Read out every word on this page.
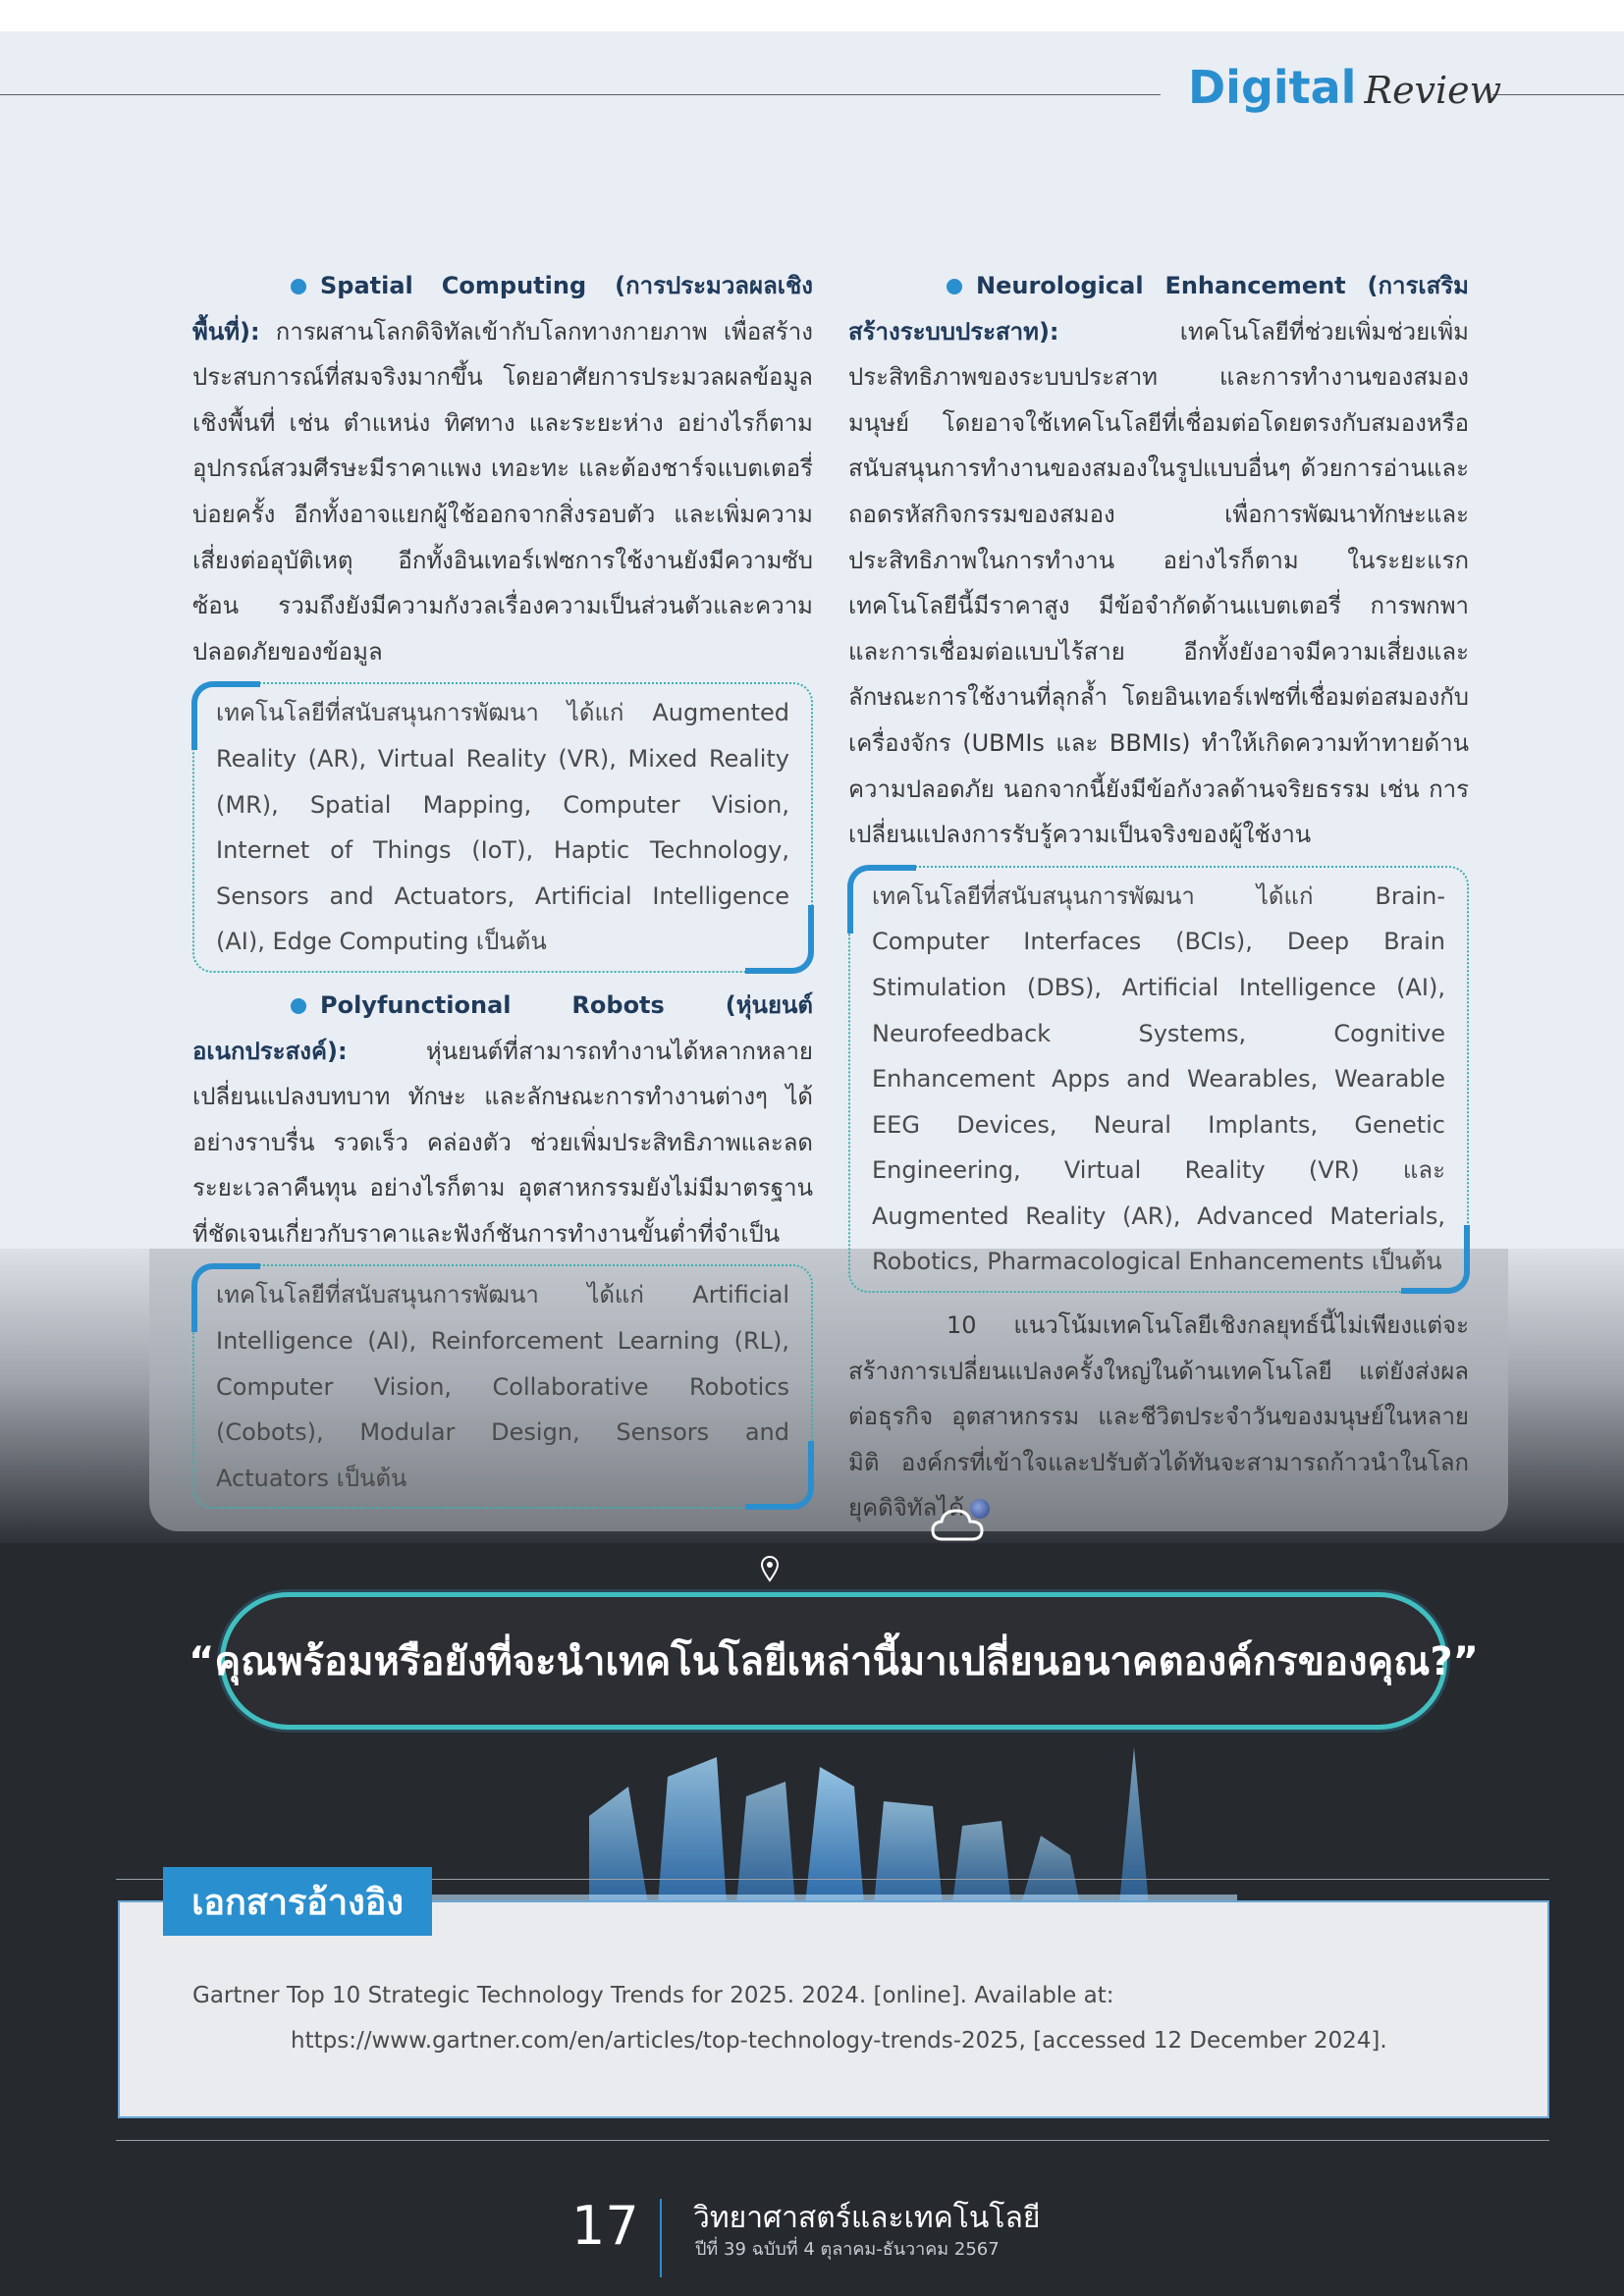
Digital Review

Spatial Computing (การประมวลผลเชิงพื้นที่): การผสานโลกดิจิทัลเข้ากับโลกทางกายภาพ เพื่อสร้างประสบการณ์ที่สมจริงมากขึ้น โดยอาศัยการประมวลผลข้อมูลเชิงพื้นที่ เช่น ตำแหน่ง ทิศทาง และระยะห่าง อย่างไรก็ตาม อุปกรณ์สวมศีรษะมีราคาแพง เทอะทะ และต้องชาร์จแบตเตอรี่บ่อยครั้ง อีกทั้งอาจแยกผู้ใช้ออกจากสิ่งรอบตัว และเพิ่มความเสี่ยงต่ออุบัติเหตุ อีกทั้งอินเทอร์เฟซการใช้งานยังมีความซับซ้อน รวมถึงยังมีความกังวลเรื่องความเป็นส่วนตัวและความปลอดภัยของข้อมูล

เทคโนโลยีที่สนับสนุนการพัฒนา ได้แก่ Augmented Reality (AR), Virtual Reality (VR), Mixed Reality (MR), Spatial Mapping, Computer Vision, Internet of Things (IoT), Haptic Technology, Sensors and Actuators, Artificial Intelligence (AI), Edge Computing เป็นต้น

Polyfunctional Robots (หุ่นยนต์อเนกประสงค์):	หุ่นยนต์ที่สามารถทำงานได้หลากหลาย เปลี่ยนแปลงบทบาท ทักษะ และลักษณะการทำงานต่างๆ ได้อย่างราบรื่น รวดเร็ว คล่องตัว ช่วยเพิ่มประสิทธิภาพและลดระยะเวลาคืนทุน อย่างไรก็ตาม อุตสาหกรรมยังไม่มีมาตรฐานที่ชัดเจนเกี่ยวกับราคาและฟังก์ชันการทำงานขั้นต่ำที่จำเป็น

เทคโนโลยีที่สนับสนุนการพัฒนา ได้แก่ Artificial Intelligence (AI), Reinforcement Learning (RL), Computer Vision, Collaborative Robotics (Cobots), Modular Design, Sensors and Actuators เป็นต้น

Neurological Enhancement (การเสริมสร้างระบบประสาท):	เทคโนโลยีที่ช่วยเพิ่มช่วยเพิ่มประสิทธิภาพของระบบประสาท และการทำงานของสมองมนุษย์ โดยอาจใช้เทคโนโลยีที่เชื่อมต่อโดยตรงกับสมองหรือสนับสนุนการทำงานของสมองในรูปแบบอื่นๆ ด้วยการอ่านและถอดรหัสกิจกรรมของสมอง เพื่อการพัฒนาทักษะและประสิทธิภาพในการทำงาน อย่างไรก็ตาม ในระยะแรก เทคโนโลยีนี้มีราคาสูง มีข้อจำกัดด้านแบตเตอรี่ การพกพา และการเชื่อมต่อแบบไร้สาย อีกทั้งยังอาจมีความเสี่ยงและลักษณะการใช้งานที่ลุกล้ำ โดยอินเทอร์เฟซที่เชื่อมต่อสมองกับเครื่องจักร (UBMIs และ BBMIs) ทำให้เกิดความท้าทายด้านความปลอดภัย นอกจากนี้ยังมีข้อกังวลด้านจริยธรรม เช่น การเปลี่ยนแปลงการรับรู้ความเป็นจริงของผู้ใช้งาน

เทคโนโลยีที่สนับสนุนการพัฒนา ได้แก่ Brain-Computer Interfaces (BCIs), Deep Brain Stimulation (DBS), Artificial Intelligence (AI), Neurofeedback Systems, Cognitive Enhancement Apps and Wearables, Wearable EEG Devices, Neural Implants, Genetic Engineering, Virtual Reality (VR) และ Augmented Reality (AR), Advanced Materials, Robotics, Pharmacological Enhancements เป็นต้น

10 แนวโน้มเทคโนโลยีเชิงกลยุทธ์นี้ไม่เพียงแต่จะสร้างการเปลี่ยนแปลงครั้งใหญ่ในด้านเทคโนโลยี แต่ยังส่งผลต่อธุรกิจ อุตสาหกรรม และชีวิตประจำวันของมนุษย์ในหลายมิติ องค์กรที่เข้าใจและปรับตัวได้ทันจะสามารถก้าวนำในโลกยุคดิจิทัลได้

“คุณพร้อมหรือยังที่จะนำเทคโนโลยีเหล่านี้มาเปลี่ยนอนาคตองค์กรของคุณ?”
เอกสารอ้างอิง
Gartner Top 10 Strategic Technology Trends for 2025. 2024. [online]. Available at: https://www.gartner.com/en/articles/top-technology-trends-2025, [accessed 12 December 2024].
17 วิทยาศาสตร์และเทคโนโลยี
ปีที่ 39 ฉบับที่ 4 ตุลาคม-ธันวาคม 2567
